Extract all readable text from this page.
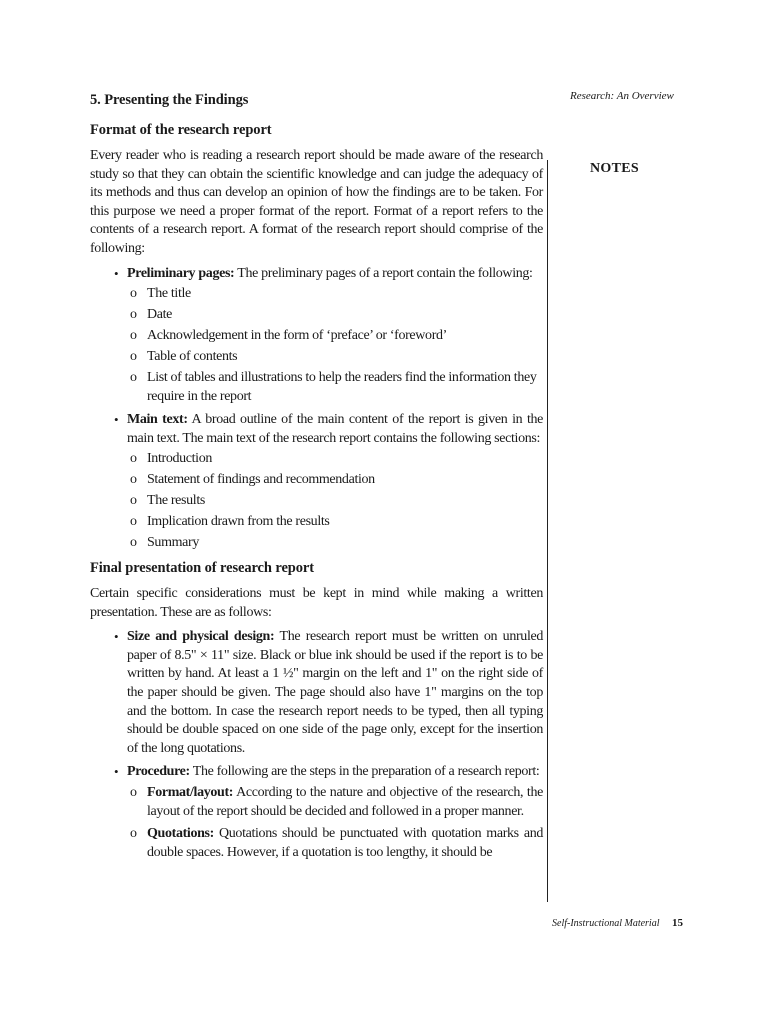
Research: An Overview
NOTES
5. Presenting the Findings
Format of the research report

Every reader who is reading a research report should be made aware of the research study so that they can obtain the scientific knowledge and can judge the adequacy of its methods and thus can develop an opinion of how the findings are to be taken. For this purpose we need a proper format of the report. Format of a report refers to the contents of a research report. A format of the research report should comprise of the following:

• Preliminary pages: The preliminary pages of a report contain the following:
o The title
o Date
o Acknowledgement in the form of ‘preface’ or ‘foreword’
o Table of contents
o List of tables and illustrations to help the readers find the information they require in the report
• Main text: A broad outline of the main content of the report is given in the main text. The main text of the research report contains the following sections:
o Introduction
o Statement of findings and recommendation
o The results
o Implication drawn from the results
o Summary
Final presentation of research report

Certain specific considerations must be kept in mind while making a written presentation. These are as follows:

• Size and physical design: The research report must be written on unruled paper of 8.5" × 11" size. Black or blue ink should be used if the report is to be written by hand. At least a 1 ½" margin on the left and 1" on the right side of the paper should be given. The page should also have 1" margins on the top and the bottom. In case the research report needs to be typed, then all typing should be double spaced on one side of the page only, except for the insertion of the long quotations.
• Procedure: The following are the steps in the preparation of a research report:
o Format/layout: According to the nature and objective of the research, the layout of the report should be decided and followed in a proper manner.
o Quotations: Quotations should be punctuated with quotation marks and double spaces. However, if a quotation is too lengthy, it should be
Self-Instructional Material 15
